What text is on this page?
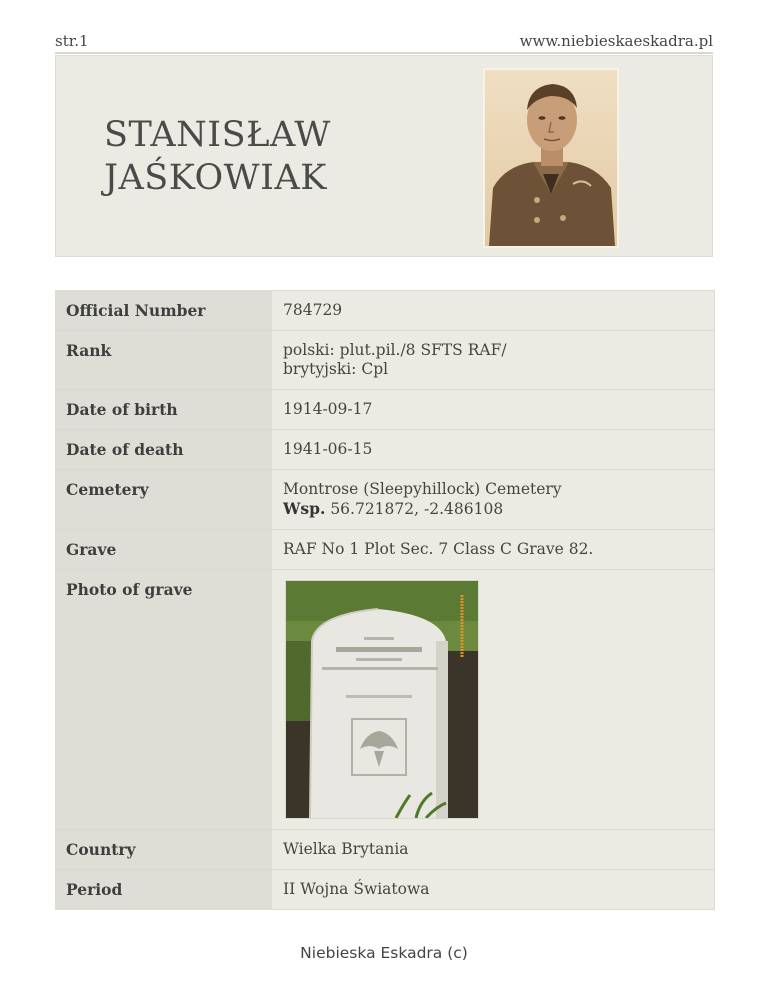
str.1	www.niebieskaeskadra.pl
STANISŁAW
JAŚKOWIAK
Official Number	784729
Rank	polski: plut.pil./8 SFTS RAF/
brytyjski: Cpl
Date of birth	1914-09-17
Date of death	1941-06-15
Cemetery	Montrose (Sleepyhillock) Cemetery
Wsp. 56.721872, -2.486108
Grave	RAF No 1 Plot Sec. 7 Class C Grave 82.
Photo of grave
Country	Wielka Brytania
Period	II Wojna Światowa
Niebieska Eskadra (c)
